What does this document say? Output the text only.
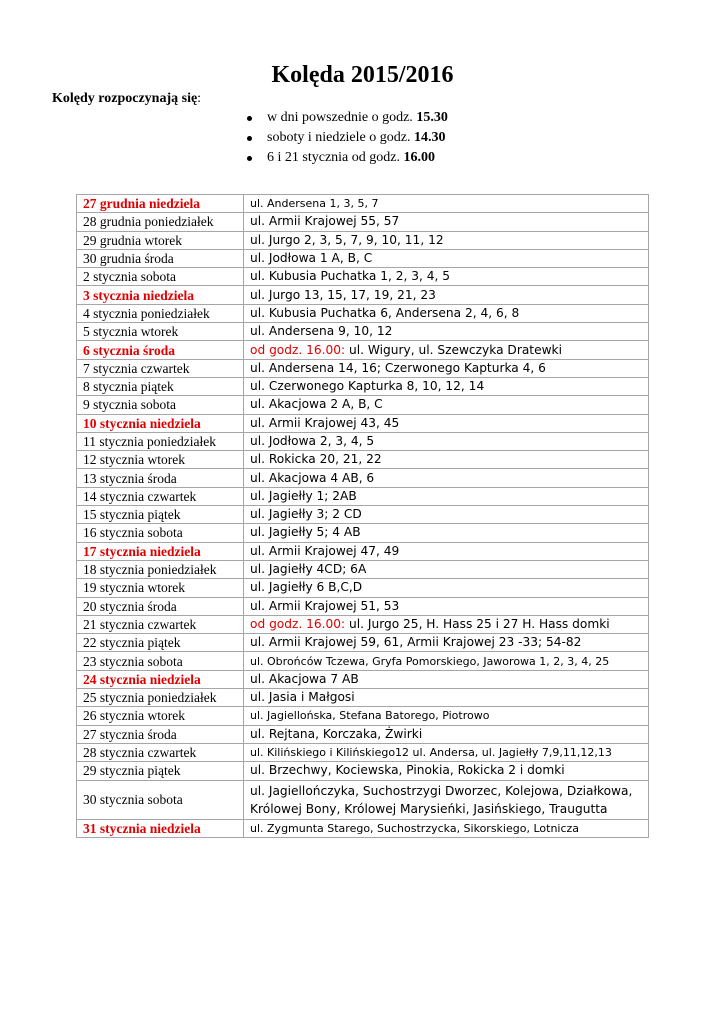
Kolęda 2015/2016

Kolędy rozpoczynają się:

w dni powszednie o godz. 15.30
soboty i niedziele o godz. 14.30
6 i 21 stycznia od godz. 16.00
27 grudnia niedziela	ul. Andersena 1, 3, 5, 7
28 grudnia poniedziałek	ul. Armii Krajowej 55, 57
29 grudnia wtorek	ul. Jurgo 2, 3, 5, 7, 9, 10, 11, 12
30 grudnia środa	ul. Jodłowa 1 A, B, C
2 stycznia sobota	ul. Kubusia Puchatka 1, 2, 3, 4, 5
3 stycznia niedziela	ul. Jurgo 13, 15, 17, 19, 21, 23
4 stycznia poniedziałek	ul. Kubusia Puchatka 6, Andersena 2, 4, 6, 8
5 stycznia wtorek	ul. Andersena 9, 10, 12
6 stycznia środa	od godz. 16.00: ul. Wigury, ul. Szewczyka Dratewki
7 stycznia czwartek	ul. Andersena 14, 16; Czerwonego Kapturka 4, 6
8 stycznia piątek	ul. Czerwonego Kapturka 8, 10, 12, 14
9 stycznia sobota	ul. Akacjowa 2 A, B, C
10 stycznia niedziela	ul. Armii Krajowej 43, 45
11 stycznia poniedziałek	ul. Jodłowa 2, 3, 4, 5
12 stycznia wtorek	ul. Rokicka 20, 21, 22
13 stycznia środa	ul. Akacjowa 4 AB, 6
14 stycznia czwartek	ul. Jagiełły 1; 2AB
15 stycznia piątek	ul. Jagiełły 3; 2 CD
16 stycznia sobota	ul. Jagiełły 5; 4 AB
17 stycznia niedziela	ul. Armii Krajowej 47, 49
18 stycznia poniedziałek	ul. Jagiełły 4CD; 6A
19 stycznia wtorek	ul. Jagiełły 6 B,C,D
20 stycznia środa	ul. Armii Krajowej 51, 53
21 stycznia czwartek	od godz. 16.00: ul. Jurgo 25, H. Hass 25 i 27 H. Hass domki
22 stycznia piątek	ul. Armii Krajowej 59, 61, Armii Krajowej 23 -33; 54-82
23 stycznia sobota	ul. Obrońców Tczewa, Gryfa Pomorskiego, Jaworowa 1, 2, 3, 4, 25
24 stycznia niedziela	ul. Akacjowa 7 AB
25 stycznia poniedziałek	ul. Jasia i Małgosi
26 stycznia wtorek	ul. Jagiellońska, Stefana Batorego, Piotrowo
27 stycznia środa	ul. Rejtana, Korczaka, Żwirki
28 stycznia czwartek	ul. Kilińskiego i Kilińskiego12 ul. Andersa, ul. Jagiełły 7,9,11,12,13
29 stycznia piątek	ul. Brzechwy, Kociewska, Pinokia, Rokicka 2 i domki
30 stycznia sobota	ul. Jagiellończyka, Suchostrzygi Dworzec, Kolejowa, Działkowa, Królowej Bony, Królowej Marysieńki, Jasińskiego, Traugutta
31 stycznia niedziela	ul. Zygmunta Starego, Suchostrzycka, Sikorskiego, Lotnicza
